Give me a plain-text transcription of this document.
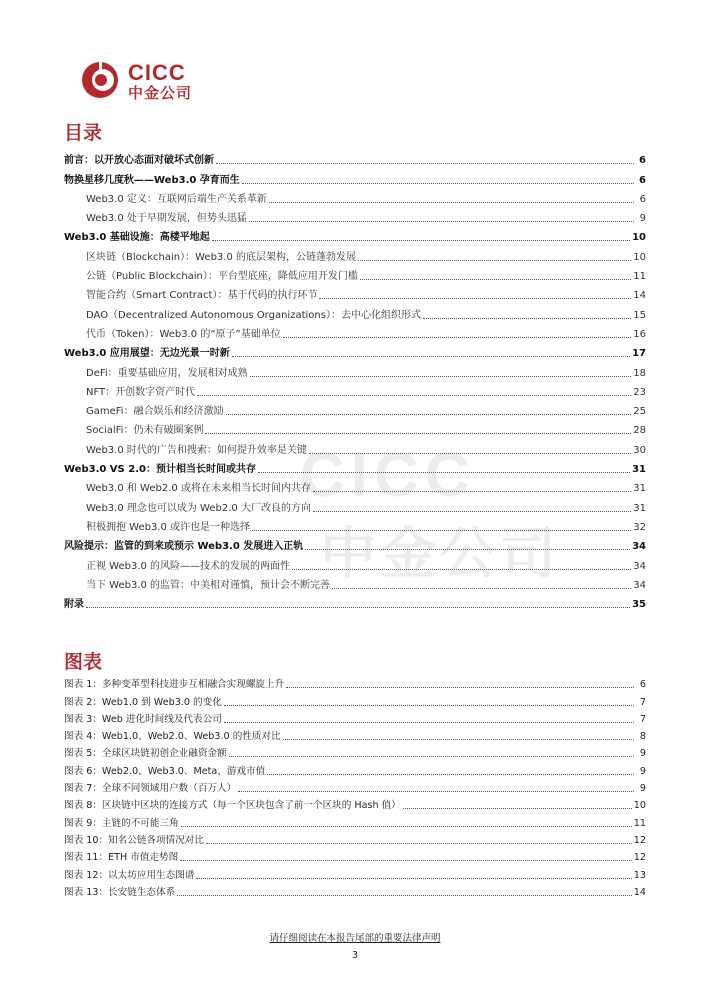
CICC
中金公司
CICC
中金公司
目录
前言：以开放心态面对破坏式创新	6
物换星移几度秋——Web3.0 孕育而生	6
Web3.0 定义：互联网后端生产关系革新	6
Web3.0 处于早期发展，但势头迅猛	9
Web3.0 基础设施：高楼平地起	10
区块链（Blockchain）：Web3.0 的底层架构，公链蓬勃发展	10
公链（Public Blockchain）：平台型底座，降低应用开发门槛	11
智能合约（Smart Contract）：基于代码的执行环节	14
DAO（Decentralized Autonomous Organizations）：去中心化组织形式	15
代币（Token）：Web3.0 的“原子”基础单位	16
Web3.0 应用展望：无边光景一时新	17
DeFi：重要基础应用，发展相对成熟	18
NFT：开创数字资产时代	23
GameFi：融合娱乐和经济激励	25
SocialFi：仍未有破圈案例	28
Web3.0 时代的广告和搜索：如何提升效率是关键	30
Web3.0 VS 2.0：预计相当长时间或共存	31
Web3.0 和 Web2.0 或将在未来相当长时间内共存	31
Web3.0 理念也可以成为 Web2.0 大厂改良的方向	31
积极拥抱 Web3.0 或许也是一种选择	32
风险提示：监管的到来或预示 Web3.0 发展进入正轨	34
正视 Web3.0 的风险——技术的发展的两面性	34
当下 Web3.0 的监管：中美相对谨慎，预计会不断完善	34
附录	35
图表
图表 1：多种变革型科技进步互相融合实现螺旋上升	6
图表 2：Web1.0 到 Web3.0 的变化	7
图表 3：Web 进化时间线及代表公司	7
图表 4：Web1.0、Web2.0、Web3.0 的性质对比	8
图表 5：全球区块链初创企业融资金额	9
图表 6：Web2.0、Web3.0、Meta、游戏市值	9
图表 7：全球不同领域用户数（百万人）	9
图表 8：区块链中区块的连接方式（每一个区块包含了前一个区块的 Hash 值）	10
图表 9：主链的不可能三角	11
图表 10：知名公链各项情况对比	12
图表 11：ETH 市值走势图	12
图表 12：以太坊应用生态图谱	13
图表 13：长安链生态体系	14
请仔细阅读在本报告尾部的重要法律声明
3
